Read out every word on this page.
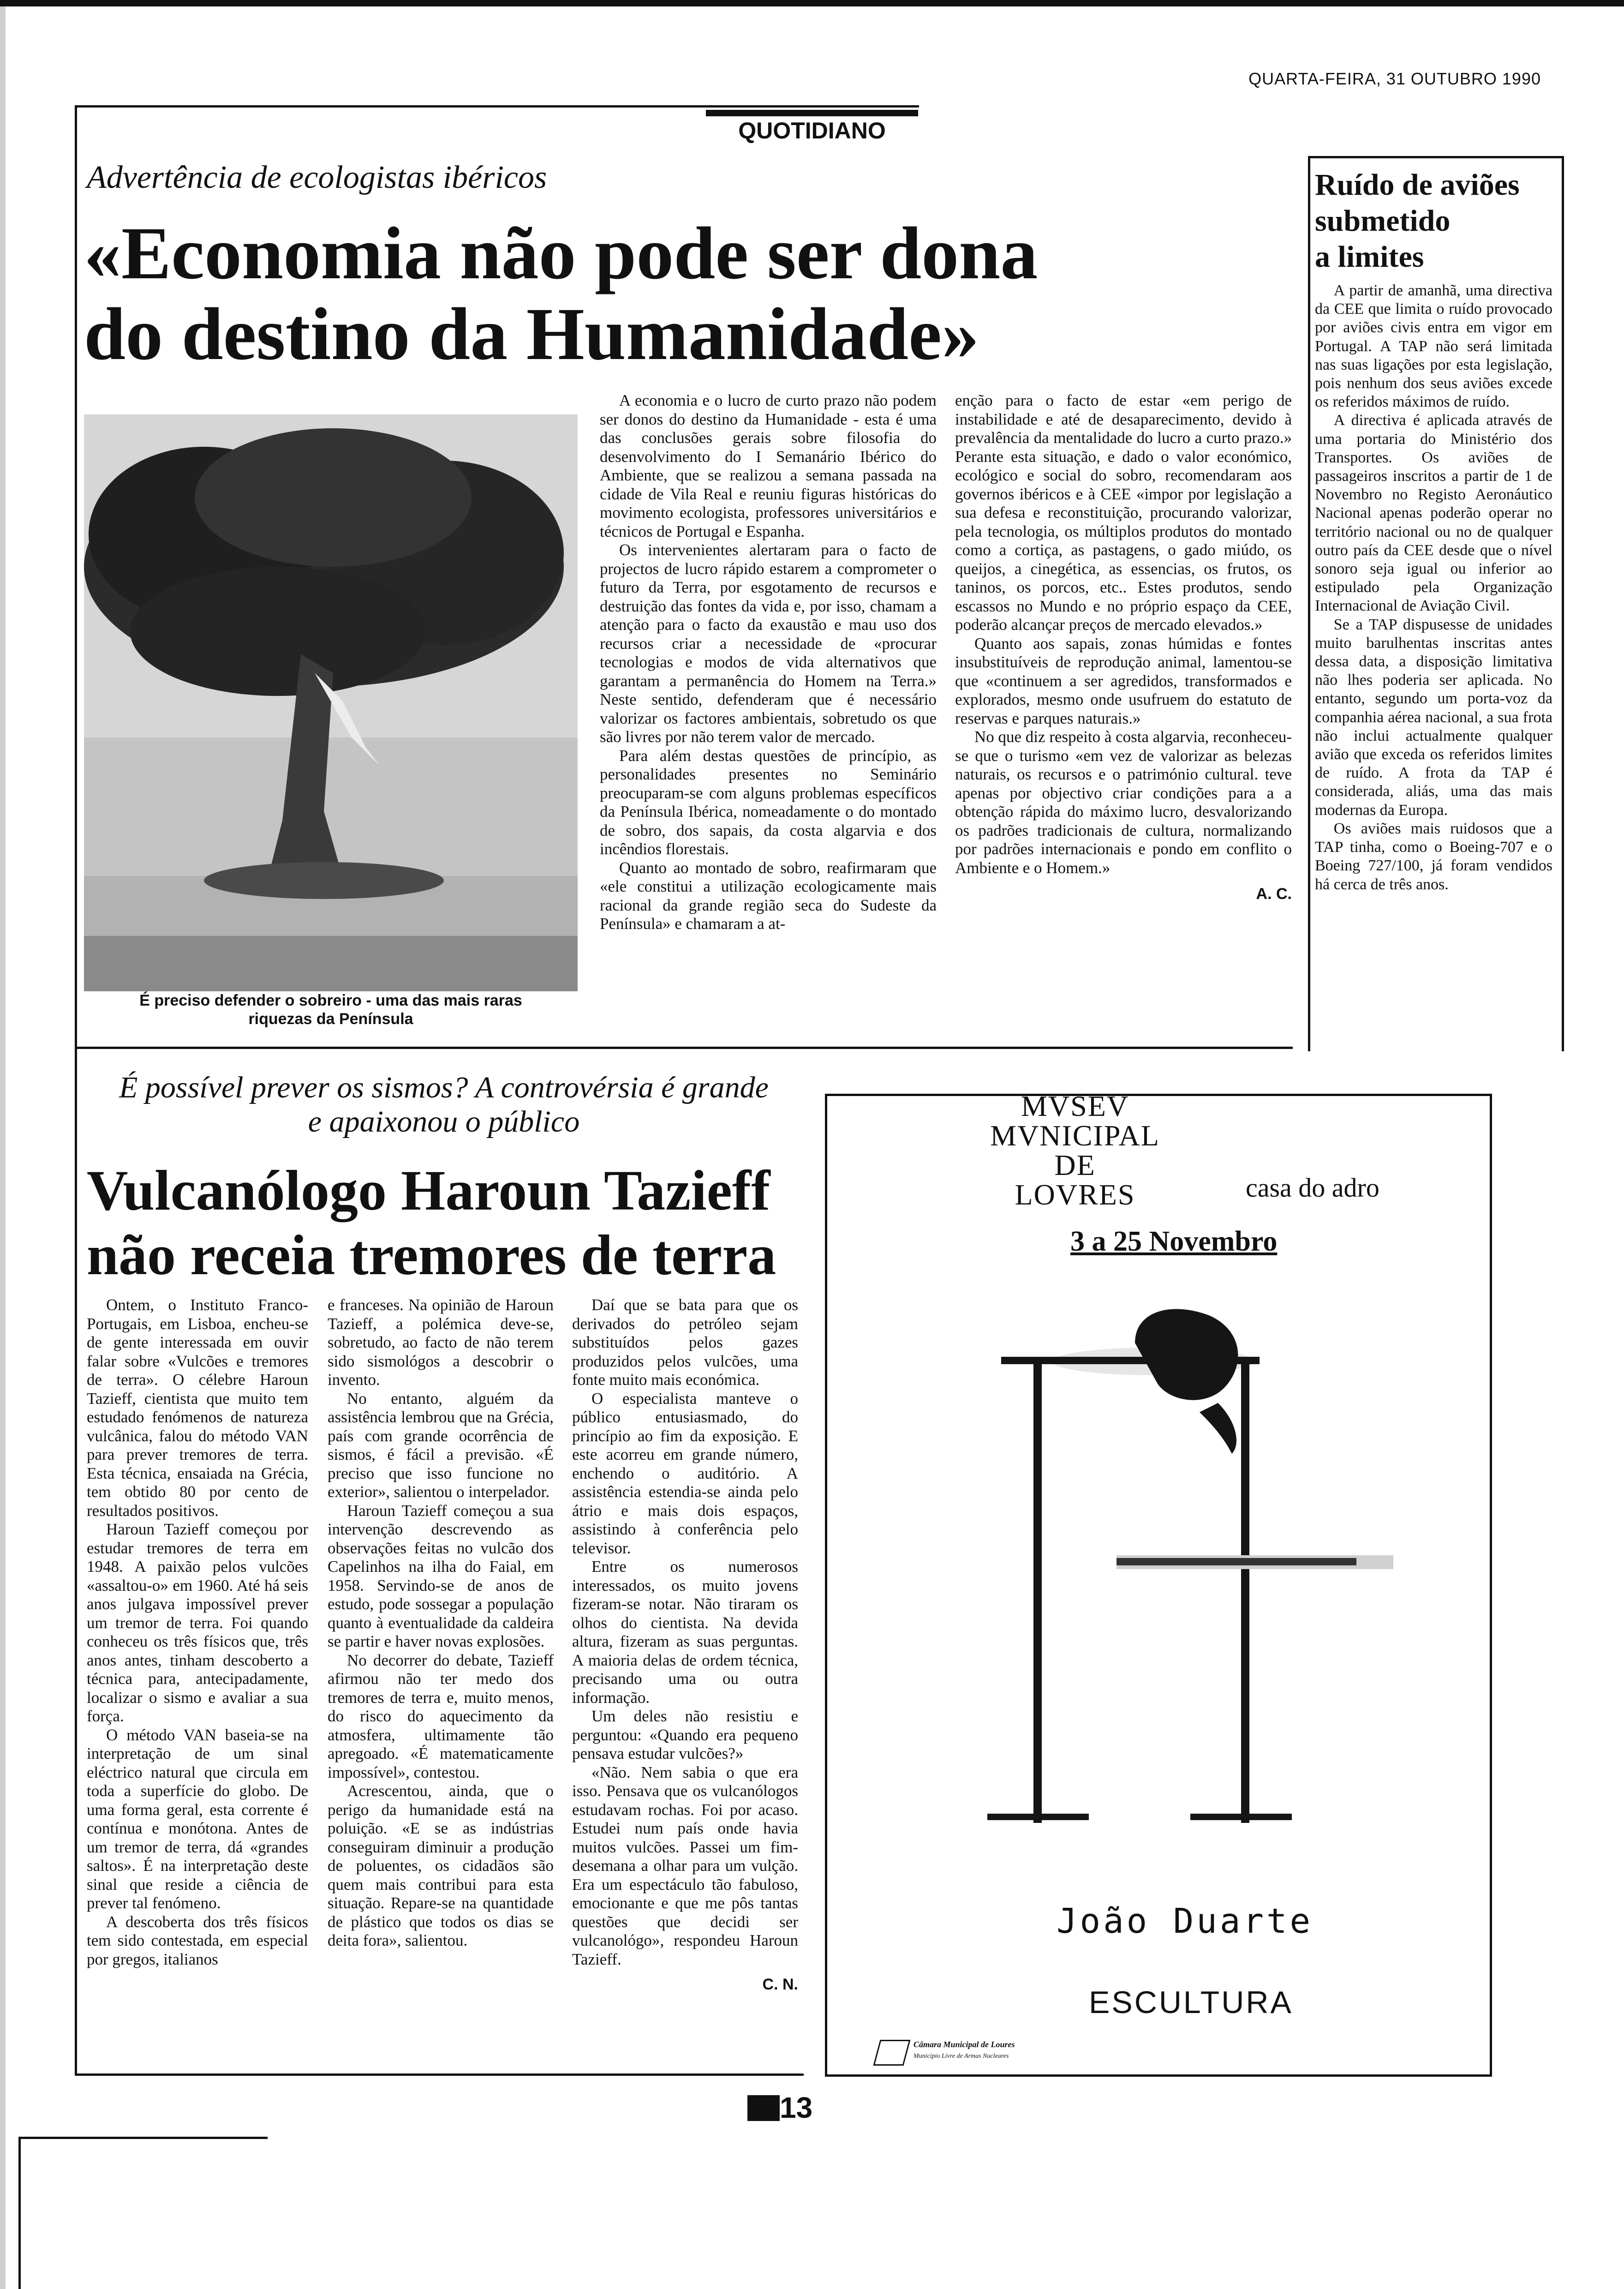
QUARTA-FEIRA, 31 OUTUBRO 1990
QUOTIDIANO
Advertência de ecologistas ibéricos
«Economia não pode ser dona
do destino da Humanidade»
É preciso defender o sobreiro - uma das mais raras
riquezas da Península

A economia e o lucro de curto prazo não podem ser donos do destino da Humanidade - esta é uma das conclusões gerais sobre filosofia do desenvolvimento do I Semanário Ibérico do Ambiente, que se realizou a semana passada na cidade de Vila Real e reuniu figuras históricas do movimento ecologista, professores universitários e técnicos de Portugal e Espanha.

Os intervenientes alertaram para o facto de projectos de lucro rápido estarem a comprometer o futuro da Terra, por esgotamento de recursos e destruição das fontes da vida e, por isso, chamam a atenção para o facto da exaustão e mau uso dos recursos criar a necessidade de «procurar tecnologias e modos de vida alternativos que garantam a permanência do Homem na Terra.» Neste sentido, defenderam que é necessário valorizar os factores ambientais, sobretudo os que são livres por não terem valor de mercado.

Para além destas questões de princípio, as personalidades presentes no Seminário preocuparam-se com alguns problemas específicos da Península Ibérica, nomeadamente o do montado de sobro, dos sapais, da costa algarvia e dos incêndios florestais.

Quanto ao montado de sobro, reafirmaram que «ele constitui a utilização ecologicamente mais racional da grande região seca do Sudeste da Península» e chamaram a at-

enção para o facto de estar «em perigo de instabilidade e até de desaparecimento, devido à prevalência da mentalidade do lucro a curto prazo.» Perante esta situação, e dado o valor económico, ecológico e social do sobro, recomendaram aos governos ibéricos e à CEE «impor por legislação a sua defesa e reconstituição, procurando valorizar, pela tecnologia, os múltiplos produtos do montado como a cortiça, as pastagens, o gado miúdo, os queijos, a cinegética, as essencias, os frutos, os taninos, os porcos, etc.. Estes produtos, sendo escassos no Mundo e no próprio espaço da CEE, poderão alcançar preços de mercado elevados.»

Quanto aos sapais, zonas húmidas e fontes insubstituíveis de reprodução animal, lamentou-se que «continuem a ser agredidos, transformados e explorados, mesmo onde usufruem do estatuto de reservas e parques naturais.»

No que diz respeito à costa algarvia, reconheceu-se que o turismo «em vez de valorizar as belezas naturais, os recursos e o património cultural. teve apenas por objectivo criar condições para a a obtenção rápida do máximo lucro, desvalorizando os padrões tradicionais de cultura, normalizando por padrões internacionais e pondo em conflito o Ambiente e o Homem.»

A. C.
Ruído de aviões
submetido
a limites

A partir de amanhã, uma directiva da CEE que limita o ruído provocado por aviões civis entra em vigor em Portugal. A TAP não será limitada nas suas ligações por esta legislação, pois nenhum dos seus aviões excede os referidos máximos de ruído.

A directiva é aplicada através de uma portaria do Ministério dos Transportes. Os aviões de passageiros inscritos a partir de 1 de Novembro no Registo Aeronáutico Nacional apenas poderão operar no território nacional ou no de qualquer outro país da CEE desde que o nível sonoro seja igual ou inferior ao estipulado pela Organização Internacional de Aviação Civil.

Se a TAP dispusesse de unidades muito barulhentas inscritas antes dessa data, a disposição limitativa não lhes poderia ser aplicada. No entanto, segundo um porta-voz da companhia aérea nacional, a sua frota não inclui actualmente qualquer avião que exceda os referidos limites de ruído. A frota da TAP é considerada, aliás, uma das mais modernas da Europa.

Os aviões mais ruidosos que a TAP tinha, como o Boeing-707 e o Boeing 727/100, já foram vendidos há cerca de três anos.

É possível prever os sismos? A controvérsia é grande
e apaixonou o público
Vulcanólogo Haroun Tazieff
não receia tremores de terra

Ontem, o Instituto Franco-Portugais, em Lisboa, encheu-se de gente interessada em ouvir falar sobre «Vulcões e tremores de terra». O célebre Haroun Tazieff, cientista que muito tem estudado fenómenos de natureza vulcânica, falou do método VAN para prever tremores de terra. Esta técnica, ensaiada na Grécia, tem obtido 80 por cento de resultados positivos.

Haroun Tazieff começou por estudar tremores de terra em 1948. A paixão pelos vulcões «assaltou-o» em 1960. Até há seis anos julgava impossível prever um tremor de terra. Foi quando conheceu os três físicos que, três anos antes, tinham descoberto a técnica para, antecipadamente, localizar o sismo e avaliar a sua força.

O método VAN baseia-se na interpretação de um sinal eléctrico natural que circula em toda a superfície do globo. De uma forma geral, esta corrente é contínua e monótona. Antes de um tremor de terra, dá «grandes saltos». É na interpretação deste sinal que reside a ciência de prever tal fenómeno.

A descoberta dos três físicos tem sido contestada, em especial por gregos, italianos

e franceses. Na opinião de Haroun Tazieff, a polémica deve-se, sobretudo, ao facto de não terem sido sismológos a descobrir o invento.

No entanto, alguém da assistência lembrou que na Grécia, país com grande ocorrência de sismos, é fácil a previsão. «É preciso que isso funcione no exterior», salientou o interpelador.

Haroun Tazieff começou a sua intervenção descrevendo as observações feitas no vulcão dos Capelinhos na ilha do Faial, em 1958. Servindo-se de anos de estudo, pode sossegar a população quanto à eventualidade da caldeira se partir e haver novas explosões.

No decorrer do debate, Tazieff afirmou não ter medo dos tremores de terra e, muito menos, do risco do aquecimento da atmosfera, ultimamente tão apregoado. «É matematicamente impossível», contestou.

Acrescentou, ainda, que o perigo da humanidade está na poluição. «E se as indústrias conseguiram diminuir a produção de poluentes, os cidadãos são quem mais contribui para esta situação. Repare-se na quantidade de plástico que todos os dias se deita fora», salientou.

Daí que se bata para que os derivados do petróleo sejam substituídos pelos gazes produzidos pelos vulcões, uma fonte muito mais económica.

O especialista manteve o público entusiasmado, do princípio ao fim da exposição. E este acorreu em grande número, enchendo o auditório. A assistência estendia-se ainda pelo átrio e mais dois espaços, assistindo à conferência pelo televisor.

Entre os numerosos interessados, os muito jovens fizeram-se notar. Não tiraram os olhos do cientista. Na devida altura, fizeram as suas perguntas. A maioria delas de ordem técnica, precisando uma ou outra informação.

Um deles não resistiu e perguntou: «Quando era pequeno pensava estudar vulcões?»

«Não. Nem sabia o que era isso. Pensava que os vulcanólogos estudavam rochas. Foi por acaso. Estudei num país onde havia muitos vulcões. Passei um fim-desemana a olhar para um vulção. Era um espectáculo tão fabuloso, emocionante e que me pôs tantas questões que decidi ser vulcanológo», respondeu Haroun Tazieff.

C. N.
MVSEV
MVNICIPAL
DE
LOVRES	casa do adro
3 a 25 Novembro
João Duarte
ESCULTURA
Câmara Municipal de Loures
Município Livre de Armas Nucleares
13
